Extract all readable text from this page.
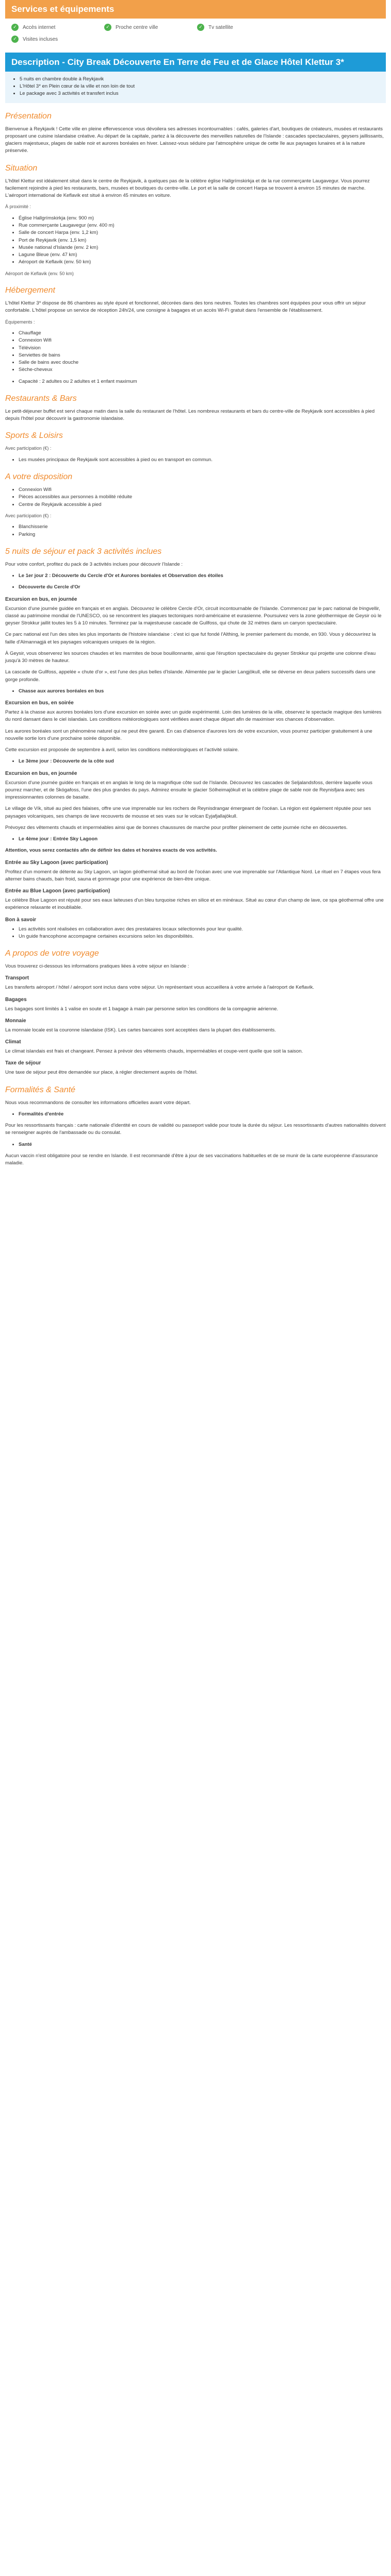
Services et équipements
✓	Accès internet	✓	Proche centre ville	✓	Tv satellite
✓	Visites incluses
Description - City Break Découverte En Terre de Feu et de Glace Hôtel Klettur 3*
• 5 nuits en chambre double à Reykjavik
• L'Hôtel 3* en Plein cœur de la ville et non loin de tout
• Le package avec 3 activités et transfert inclus
Présentation

Bienvenue à Reykjavik ! Cette ville en pleine effervescence vous dévoilera ses adresses incontournables : cafés, galeries d'art, boutiques de créateurs, musées et restaurants proposant une cuisine islandaise créative. Au départ de la capitale, partez à la découverte des merveilles naturelles de l'Islande : cascades spectaculaires, geysers jaillissants, glaciers majestueux, plages de sable noir et aurores boréales en hiver. Laissez-vous séduire par l'atmosphère unique de cette île aux paysages lunaires et à la nature préservée.

Situation

L'hôtel Klettur est idéalement situé dans le centre de Reykjavik, à quelques pas de la célèbre église Hallgrímskirkja et de la rue commerçante Laugavegur. Vous pourrez facilement rejoindre à pied les restaurants, bars, musées et boutiques du centre-ville. Le port et la salle de concert Harpa se trouvent à environ 15 minutes de marche. L'aéroport international de Keflavik est situé à environ 45 minutes en voiture.

À proximité :

• Église Hallgrímskirkja (env. 900 m)
• Rue commerçante Laugavegur (env. 400 m)
• Salle de concert Harpa (env. 1,2 km)
• Port de Reykjavik (env. 1,5 km)
• Musée national d'Islande (env. 2 km)
• Lagune Bleue (env. 47 km)
• Aéroport de Keflavik (env. 50 km)

Aéroport de Keflavik (env. 50 km)

Hébergement

L'hôtel Klettur 3* dispose de 86 chambres au style épuré et fonctionnel, décorées dans des tons neutres. Toutes les chambres sont équipées pour vous offrir un séjour confortable. L'hôtel propose un service de réception 24h/24, une consigne à bagages et un accès Wi-Fi gratuit dans l'ensemble de l'établissement.

Équipements :

• Chauffage
• Connexion Wifi
• Télévision
• Serviettes de bains
• Salle de bains avec douche
• Sèche-cheveux
• Capacité : 2 adultes ou 2 adultes et 1 enfant maximum
Restaurants & Bars

Le petit-déjeuner buffet est servi chaque matin dans la salle du restaurant de l'hôtel. Les nombreux restaurants et bars du centre-ville de Reykjavik sont accessibles à pied depuis l'hôtel pour découvrir la gastronomie islandaise.

Sports & Loisirs

Avec participation (€) :

• Les musées principaux de Reykjavik sont accessibles à pied ou en transport en commun.
A votre disposition
• Connexion Wifi
• Pièces accessibles aux personnes à mobilité réduite
• Centre de Reykjavik accessible à pied

Avec participation (€) :

• Blanchisserie
• Parking
5 nuits de séjour et pack 3 activités inclues

Pour votre confort, profitez du pack de 3 activités inclues pour découvrir l'Islande :

• Le 1er jour 2 : Découverte du Cercle d'Or et Aurores boréales et Observation des étoiles
• Découverte du Cercle d'Or

Excursion en bus, en journée

Excursion d'une journée guidée en français et en anglais. Découvrez le célèbre Cercle d'Or, circuit incontournable de l'Islande. Commencez par le parc national de Þingvellir, classé au patrimoine mondial de l'UNESCO, où se rencontrent les plaques tectoniques nord-américaine et eurasienne. Poursuivez vers la zone géothermique de Geysir où le geyser Strokkur jaillit toutes les 5 à 10 minutes. Terminez par la majestueuse cascade de Gullfoss, qui chute de 32 mètres dans un canyon spectaculaire.

Ce parc national est l'un des sites les plus importants de l'histoire islandaise : c'est ici que fut fondé l'Althing, le premier parlement du monde, en 930. Vous y découvrirez la faille d'Almannagjá et les paysages volcaniques uniques de la région.

À Geysir, vous observerez les sources chaudes et les marmites de boue bouillonnante, ainsi que l'éruption spectaculaire du geyser Strokkur qui projette une colonne d'eau jusqu'à 30 mètres de hauteur.

La cascade de Gullfoss, appelée « chute d'or », est l'une des plus belles d'Islande. Alimentée par le glacier Langjökull, elle se déverse en deux paliers successifs dans une gorge profonde.

• Chasse aux aurores boréales en bus

Excursion en bus, en soirée

Partez à la chasse aux aurores boréales lors d'une excursion en soirée avec un guide expérimenté. Loin des lumières de la ville, observez le spectacle magique des lumières du nord dansant dans le ciel islandais. Les conditions météorologiques sont vérifiées avant chaque départ afin de maximiser vos chances d'observation.

Les aurores boréales sont un phénomène naturel qui ne peut être garanti. En cas d'absence d'aurores lors de votre excursion, vous pourrez participer gratuitement à une nouvelle sortie lors d'une prochaine soirée disponible.

Cette excursion est proposée de septembre à avril, selon les conditions météorologiques et l'activité solaire.

• Le 3ème jour : Découverte de la côte sud

Excursion en bus, en journée

Excursion d'une journée guidée en français et en anglais le long de la magnifique côte sud de l'Islande. Découvrez les cascades de Seljalandsfoss, derrière laquelle vous pourrez marcher, et de Skógafoss, l'une des plus grandes du pays. Admirez ensuite le glacier Sólheimajökull et la célèbre plage de sable noir de Reynisfjara avec ses impressionnantes colonnes de basalte.

Le village de Vík, situé au pied des falaises, offre une vue imprenable sur les rochers de Reynisdrangar émergeant de l'océan. La région est également réputée pour ses paysages volcaniques, ses champs de lave recouverts de mousse et ses vues sur le volcan Eyjafjallajökull.

Prévoyez des vêtements chauds et imperméables ainsi que de bonnes chaussures de marche pour profiter pleinement de cette journée riche en découvertes.

• Le 4ème jour : Entrée Sky Lagoon

Attention, vous serez contactés afin de définir les dates et horaires exacts de vos activités.

Entrée au Sky Lagoon (avec participation)

Profitez d'un moment de détente au Sky Lagoon, un lagon géothermal situé au bord de l'océan avec une vue imprenable sur l'Atlantique Nord. Le rituel en 7 étapes vous fera alterner bains chauds, bain froid, sauna et gommage pour une expérience de bien-être unique.

Entrée au Blue Lagoon (avec participation)

Le célèbre Blue Lagoon est réputé pour ses eaux laiteuses d'un bleu turquoise riches en silice et en minéraux. Situé au cœur d'un champ de lave, ce spa géothermal offre une expérience relaxante et inoubliable.

Bon à savoir

• Les activités sont réalisées en collaboration avec des prestataires locaux sélectionnés pour leur qualité.
• Un guide francophone accompagne certaines excursions selon les disponibilités.
A propos de votre voyage

Vous trouverez ci-dessous les informations pratiques liées à votre séjour en Islande :

Transport

Les transferts aéroport / hôtel / aéroport sont inclus dans votre séjour. Un représentant vous accueillera à votre arrivée à l'aéroport de Keflavik.

Bagages

Les bagages sont limités à 1 valise en soute et 1 bagage à main par personne selon les conditions de la compagnie aérienne.

Monnaie

La monnaie locale est la couronne islandaise (ISK). Les cartes bancaires sont acceptées dans la plupart des établissements.

Climat

Le climat islandais est frais et changeant. Pensez à prévoir des vêtements chauds, imperméables et coupe-vent quelle que soit la saison.

Taxe de séjour

Une taxe de séjour peut être demandée sur place, à régler directement auprès de l'hôtel.

Formalités & Santé

Nous vous recommandons de consulter les informations officielles avant votre départ.

• Formalités d'entrée

Pour les ressortissants français : carte nationale d'identité en cours de validité ou passeport valide pour toute la durée du séjour. Les ressortissants d'autres nationalités doivent se renseigner auprès de l'ambassade ou du consulat.

• Santé

Aucun vaccin n'est obligatoire pour se rendre en Islande. Il est recommandé d'être à jour de ses vaccinations habituelles et de se munir de la carte européenne d'assurance maladie.
